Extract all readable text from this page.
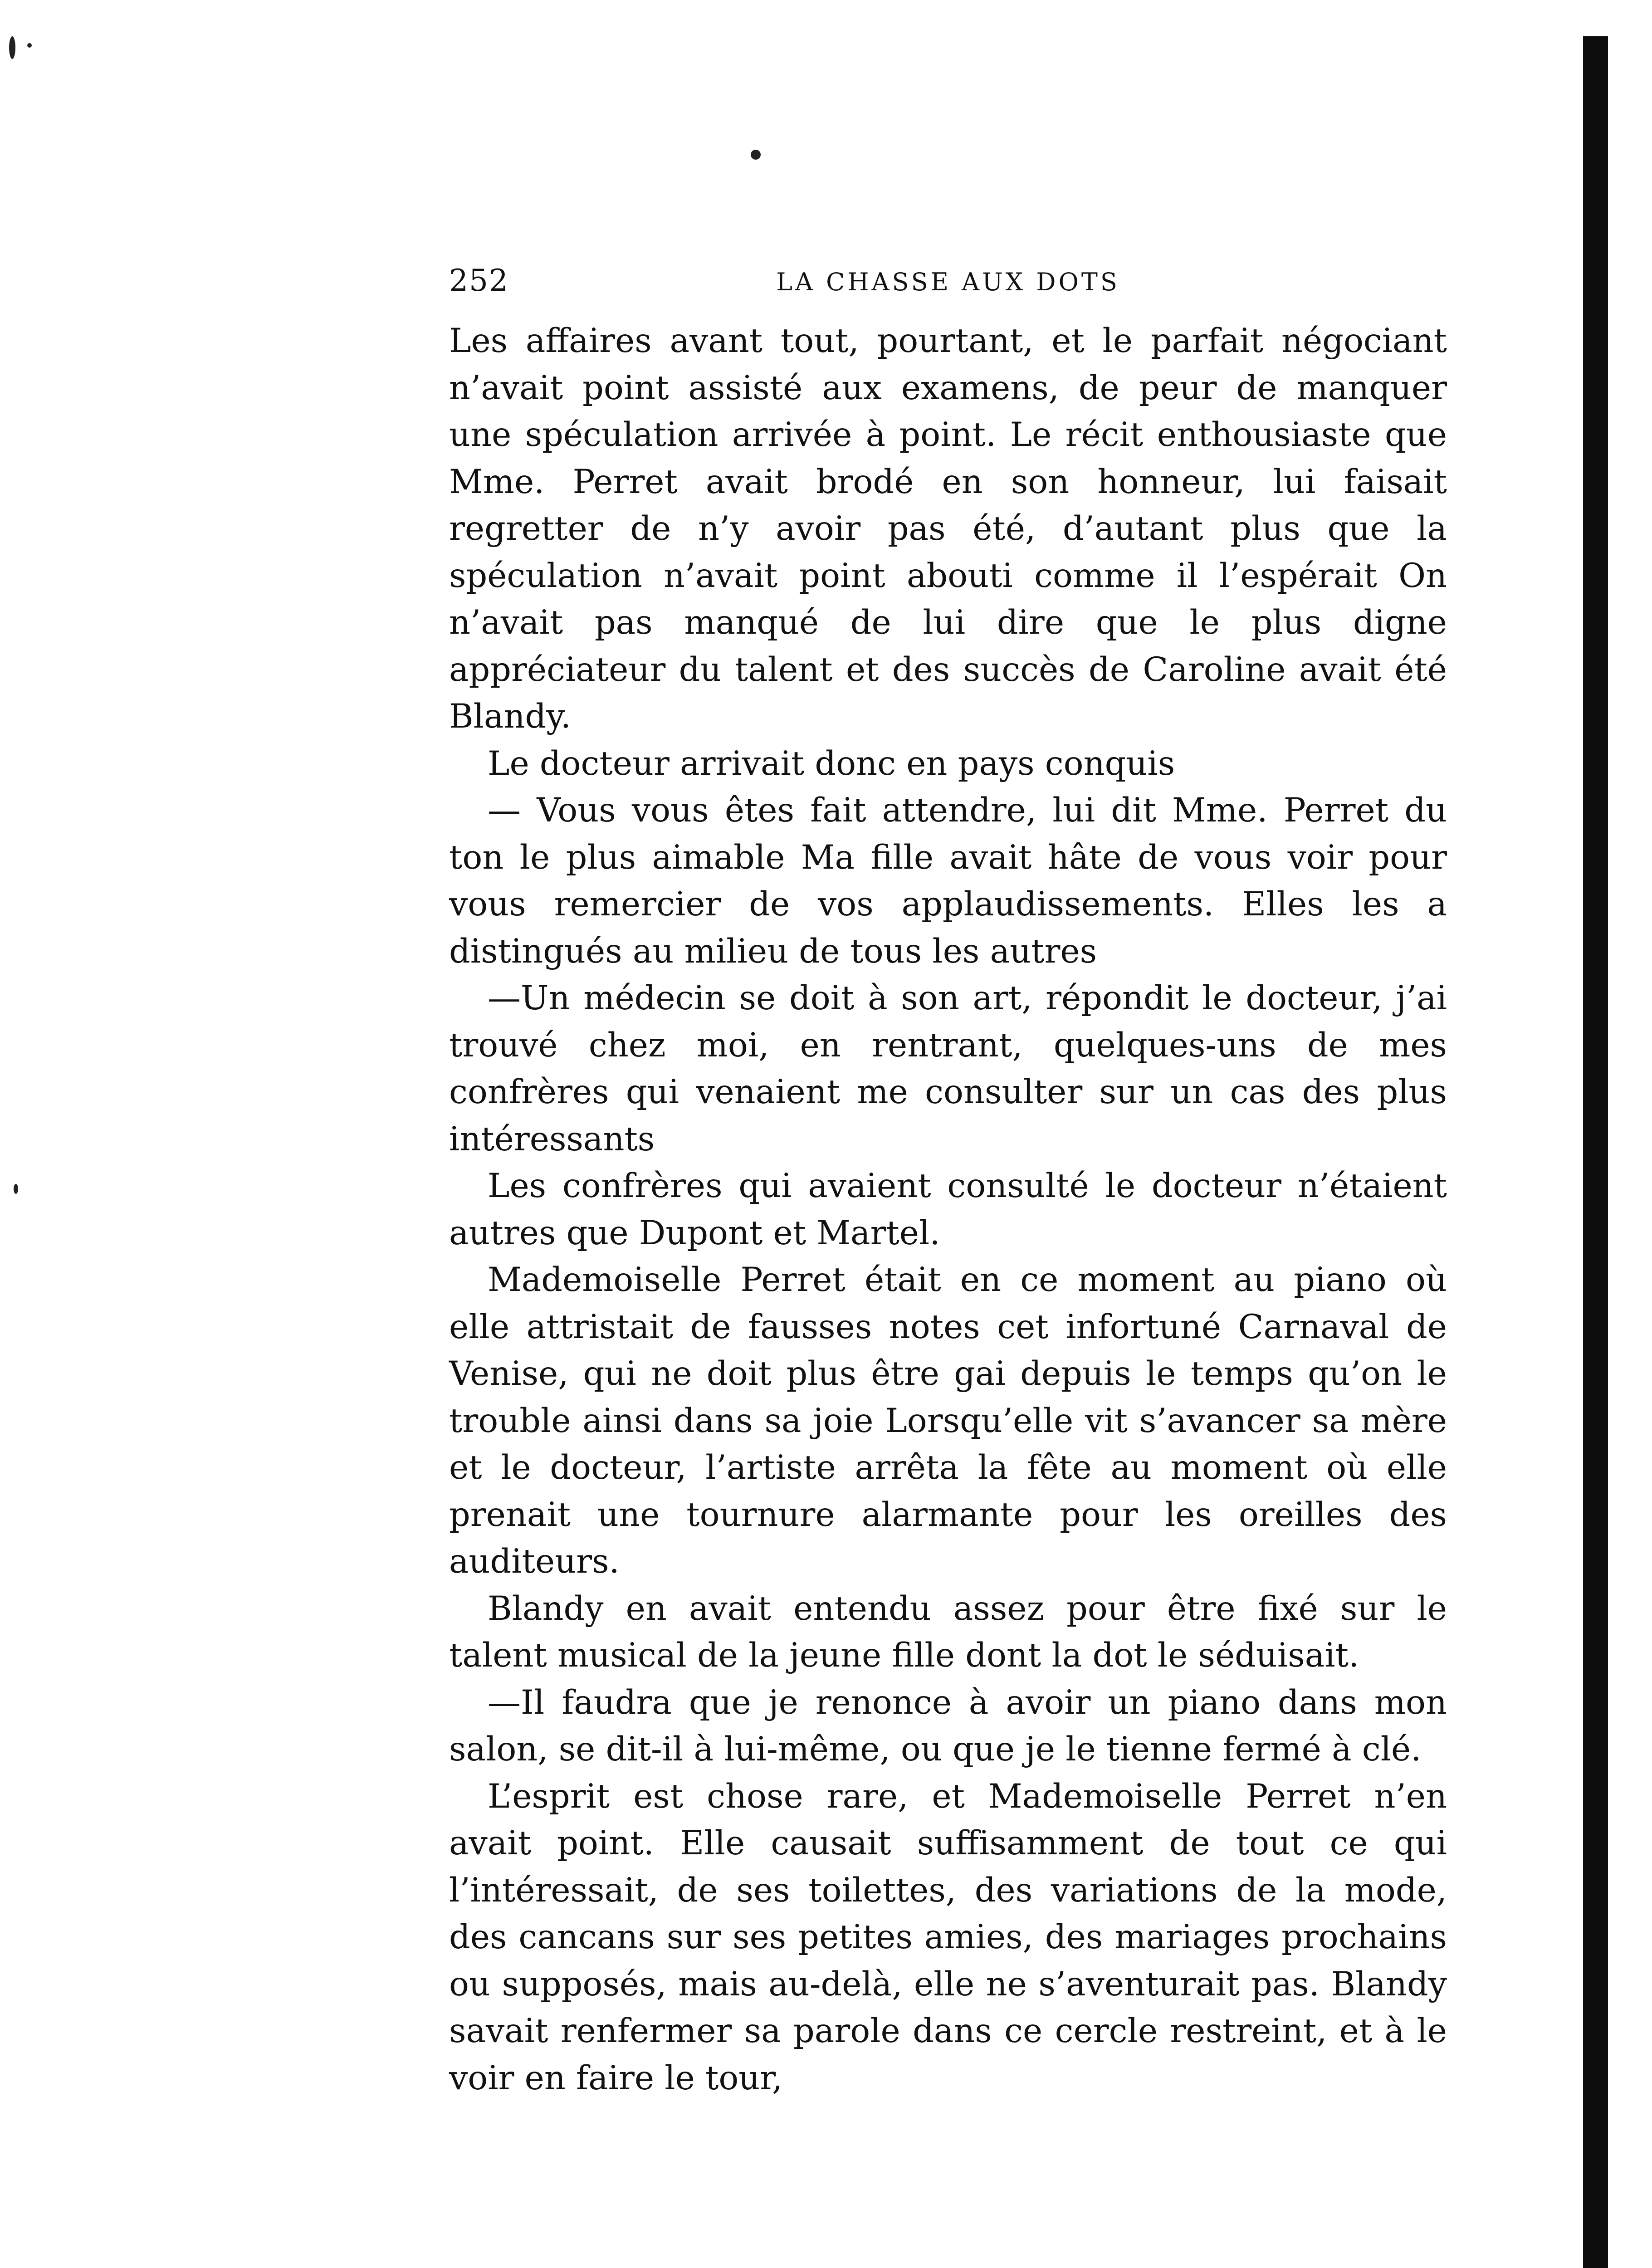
252	LA CHASSE AUX DOTS

Les affaires avant tout, pourtant, et le parfait négociant n’avait point assisté aux examens, de peur de manquer une spéculation arrivée à point. Le récit enthousiaste que Mme. Perret avait brodé en son honneur, lui faisait regretter de n’y avoir pas été, d’autant plus que la spéculation n’avait point abouti comme il l’espérait On n’avait pas manqué de lui dire que le plus digne appréciateur du talent et des succès de Caroline avait été Blandy.

Le docteur arrivait donc en pays conquis

— Vous vous êtes fait attendre, lui dit Mme. Perret du ton le plus aimable Ma fille avait hâte de vous voir pour vous remercier de vos applaudissements. Elles les a distingués au milieu de tous les autres

—Un médecin se doit à son art, répondit le docteur, j’ai trouvé chez moi, en rentrant, quelques-uns de mes confrères qui venaient me consulter sur un cas des plus intéressants

Les confrères qui avaient consulté le docteur n’étaient autres que Dupont et Martel.

Mademoiselle Perret était en ce moment au piano où elle attristait de fausses notes cet infortuné Carnaval de Venise, qui ne doit plus être gai depuis le temps qu’on le trouble ainsi dans sa joie Lorsqu’elle vit s’avancer sa mère et le docteur, l’artiste arrêta la fête au moment où elle prenait une tournure alarmante pour les oreilles des auditeurs.

Blandy en avait entendu assez pour être fixé sur le talent musical de la jeune fille dont la dot le séduisait.

—Il faudra que je renonce à avoir un piano dans mon salon, se dit-il à lui-même, ou que je le tienne fermé à clé.

L’esprit est chose rare, et Mademoiselle Perret n’en avait point. Elle causait suffisamment de tout ce qui l’intéressait, de ses toilettes, des variations de la mode, des cancans sur ses petites amies, des mariages prochains ou supposés, mais au-delà, elle ne s’aventurait pas. Blandy savait renfermer sa parole dans ce cercle restreint, et à le voir en faire le tour,
